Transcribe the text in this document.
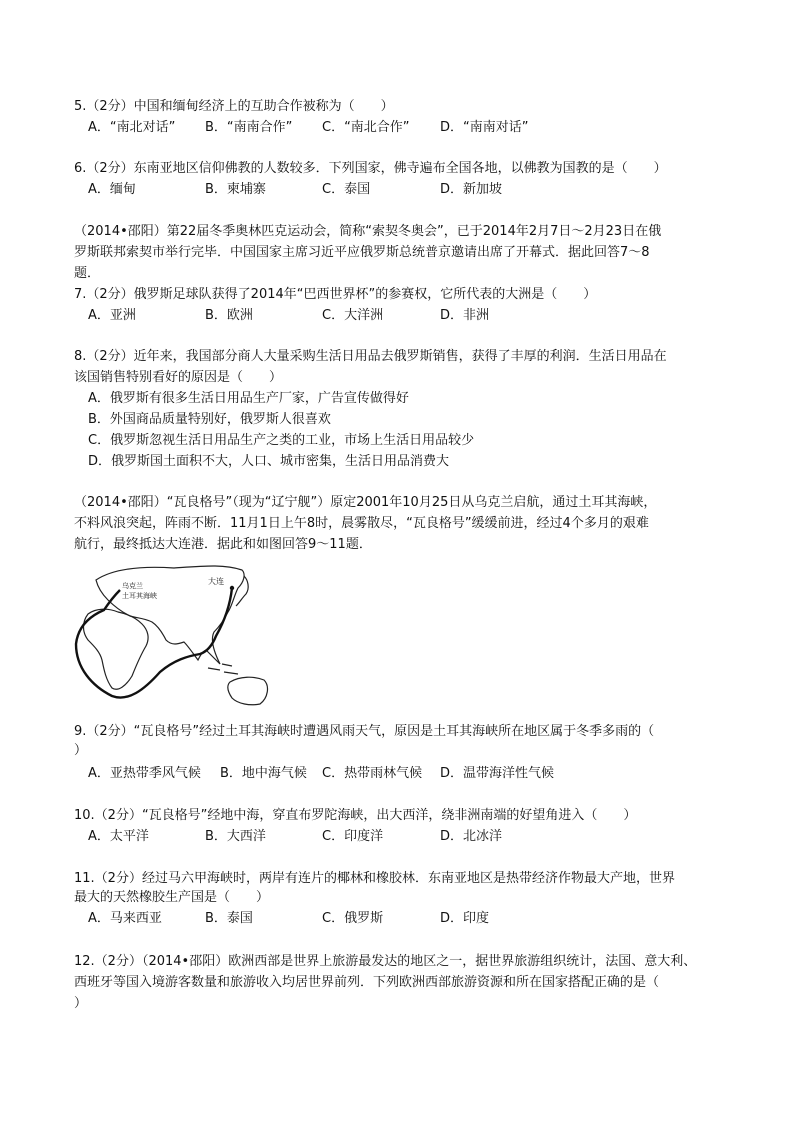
5.（2分）中国和缅甸经济上的互助合作被称为（　　）
A．“南北对话” B．“南南合作” C．“南北合作” D．“南南对话”
6.（2分）东南亚地区信仰佛教的人数较多．下列国家，佛寺遍布全国各地，以佛教为国教的是（　　）
A．缅甸	B．柬埔寨	C．泰国	D．新加坡
（2014•邵阳）第22届冬季奥林匹克运动会，简称“索契冬奥会”，已于2014年2月7日～2月23日在俄
罗斯联邦索契市举行完毕．中国国家主席习近平应俄罗斯总统普京邀请出席了开幕式．据此回答7～8
题．
7.（2分）俄罗斯足球队获得了2014年“巴西世界杯”的参赛权，它所代表的大洲是（　　）
A．亚洲	B．欧洲	C．大洋洲	D．非洲
8.（2分）近年来，我国部分商人大量采购生活日用品去俄罗斯销售，获得了丰厚的利润．生活日用品在
该国销售特别看好的原因是（　　）
A．俄罗斯有很多生活日用品生产厂家，广告宣传做得好
B．外国商品质量特别好，俄罗斯人很喜欢
C．俄罗斯忽视生活日用品生产之类的工业，市场上生活日用品较少
D．俄罗斯国土面积不大，人口、城市密集，生活日用品消费大
（2014•邵阳）“瓦良格号”（现为“辽宁舰”）原定2001年10月25日从乌克兰启航，通过土耳其海峡，
不料风浪突起，阵雨不断．11月1日上午8时，晨雾散尽，“瓦良格号”缓缓前进，经过4个多月的艰难
航行，最终抵达大连港．据此和如图回答9～11题．
大连
乌克兰
土耳其海峡
9.（2分）“瓦良格号”经过土耳其海峡时遭遇风雨天气，原因是土耳其海峡所在地区属于冬季多雨的（
）
A．亚热带季风气候 B．地中海气候 C．热带雨林气候 D．温带海洋性气候
10.（2分）“瓦良格号”经地中海，穿直布罗陀海峡，出大西洋，绕非洲南端的好望角进入（　　）
A．太平洋	B．大西洋	C．印度洋	D．北冰洋
11.（2分）经过马六甲海峡时，两岸有连片的椰林和橡胶林．东南亚地区是热带经济作物最大产地，世界
最大的天然橡胶生产国是（　　）
A．马来西亚	B．泰国	C．俄罗斯	D．印度
12.（2分）（2014•邵阳）欧洲西部是世界上旅游最发达的地区之一，据世界旅游组织统计，法国、意大利、
西班牙等国入境游客数量和旅游收入均居世界前列．下列欧洲西部旅游资源和所在国家搭配正确的是（
）
